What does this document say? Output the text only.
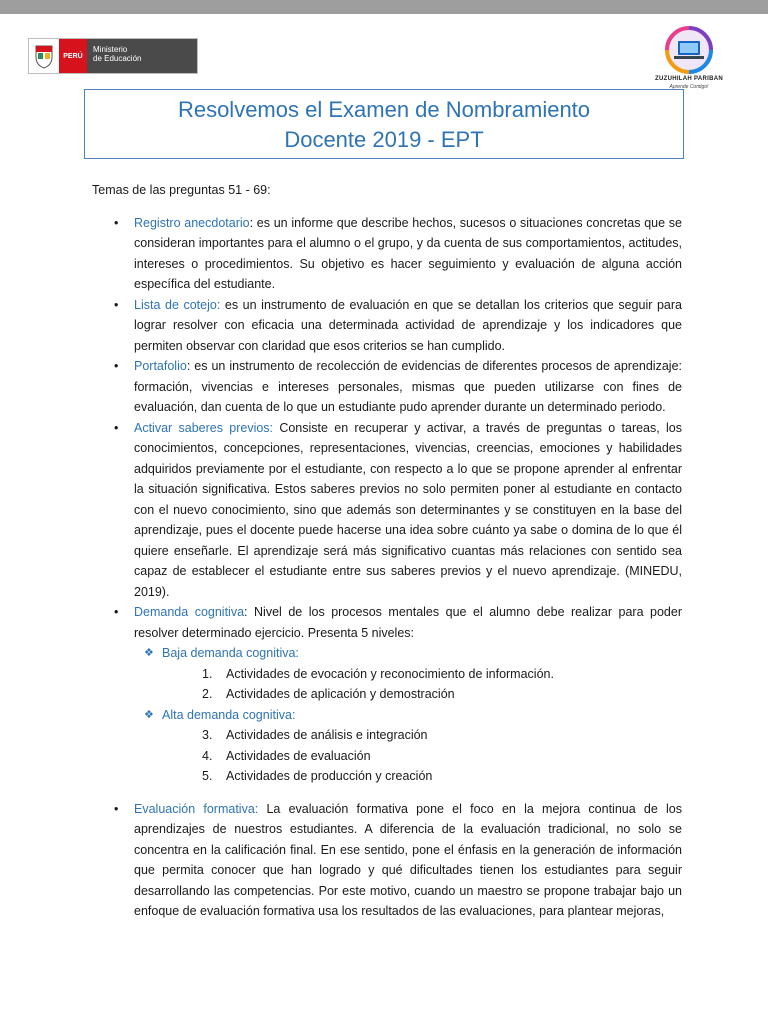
PERÚ
Ministerio
de Educación
ZUZUHILAH PARIBAN
Aprende Contigo!
Resolvemos el Examen de Nombramiento
Docente 2019 - EPT
Temas de las preguntas 51 - 69:
• Registro anecdotario: es un informe que describe hechos, sucesos o situaciones concretas que se consideran importantes para el alumno o el grupo, y da cuenta de sus comportamientos, actitudes, intereses o procedimientos. Su objetivo es hacer seguimiento y evaluación de alguna acción específica del estudiante.
• Lista de cotejo: es un instrumento de evaluación en que se detallan los criterios que seguir para lograr resolver con eficacia una determinada actividad de aprendizaje y los indicadores que permiten observar con claridad que esos criterios se han cumplido.
• Portafolio: es un instrumento de recolección de evidencias de diferentes procesos de aprendizaje: formación, vivencias e intereses personales, mismas que pueden utilizarse con fines de evaluación, dan cuenta de lo que un estudiante pudo aprender durante un determinado periodo.
• Activar saberes previos: Consiste en recuperar y activar, a través de preguntas o tareas, los conocimientos, concepciones, representaciones, vivencias, creencias, emociones y habilidades adquiridos previamente por el estudiante, con respecto a lo que se propone aprender al enfrentar la situación significativa. Estos saberes previos no solo permiten poner al estudiante en contacto con el nuevo conocimiento, sino que además son determinantes y se constituyen en la base del aprendizaje, pues el docente puede hacerse una idea sobre cuánto ya sabe o domina de lo que él quiere enseñarle. El aprendizaje será más significativo cuantas más relaciones con sentido sea capaz de establecer el estudiante entre sus saberes previos y el nuevo aprendizaje. (MINEDU, 2019).
• Demanda cognitiva: Nivel de los procesos mentales que el alumno debe realizar para poder resolver determinado ejercicio. Presenta 5 niveles:
❖ Baja demanda cognitiva:
1. Actividades de evocación y reconocimiento de información.
2. Actividades de aplicación y demostración
❖ Alta demanda cognitiva:
3. Actividades de análisis e integración
4. Actividades de evaluación
5. Actividades de producción y creación
• Evaluación formativa: La evaluación formativa pone el foco en la mejora continua de los aprendizajes de nuestros estudiantes. A diferencia de la evaluación tradicional, no solo se concentra en la calificación final. En ese sentido, pone el énfasis en la generación de información que permita conocer que han logrado y qué dificultades tienen los estudiantes para seguir desarrollando las competencias. Por este motivo, cuando un maestro se propone trabajar bajo un enfoque de evaluación formativa usa los resultados de las evaluaciones, para plantear mejoras,
